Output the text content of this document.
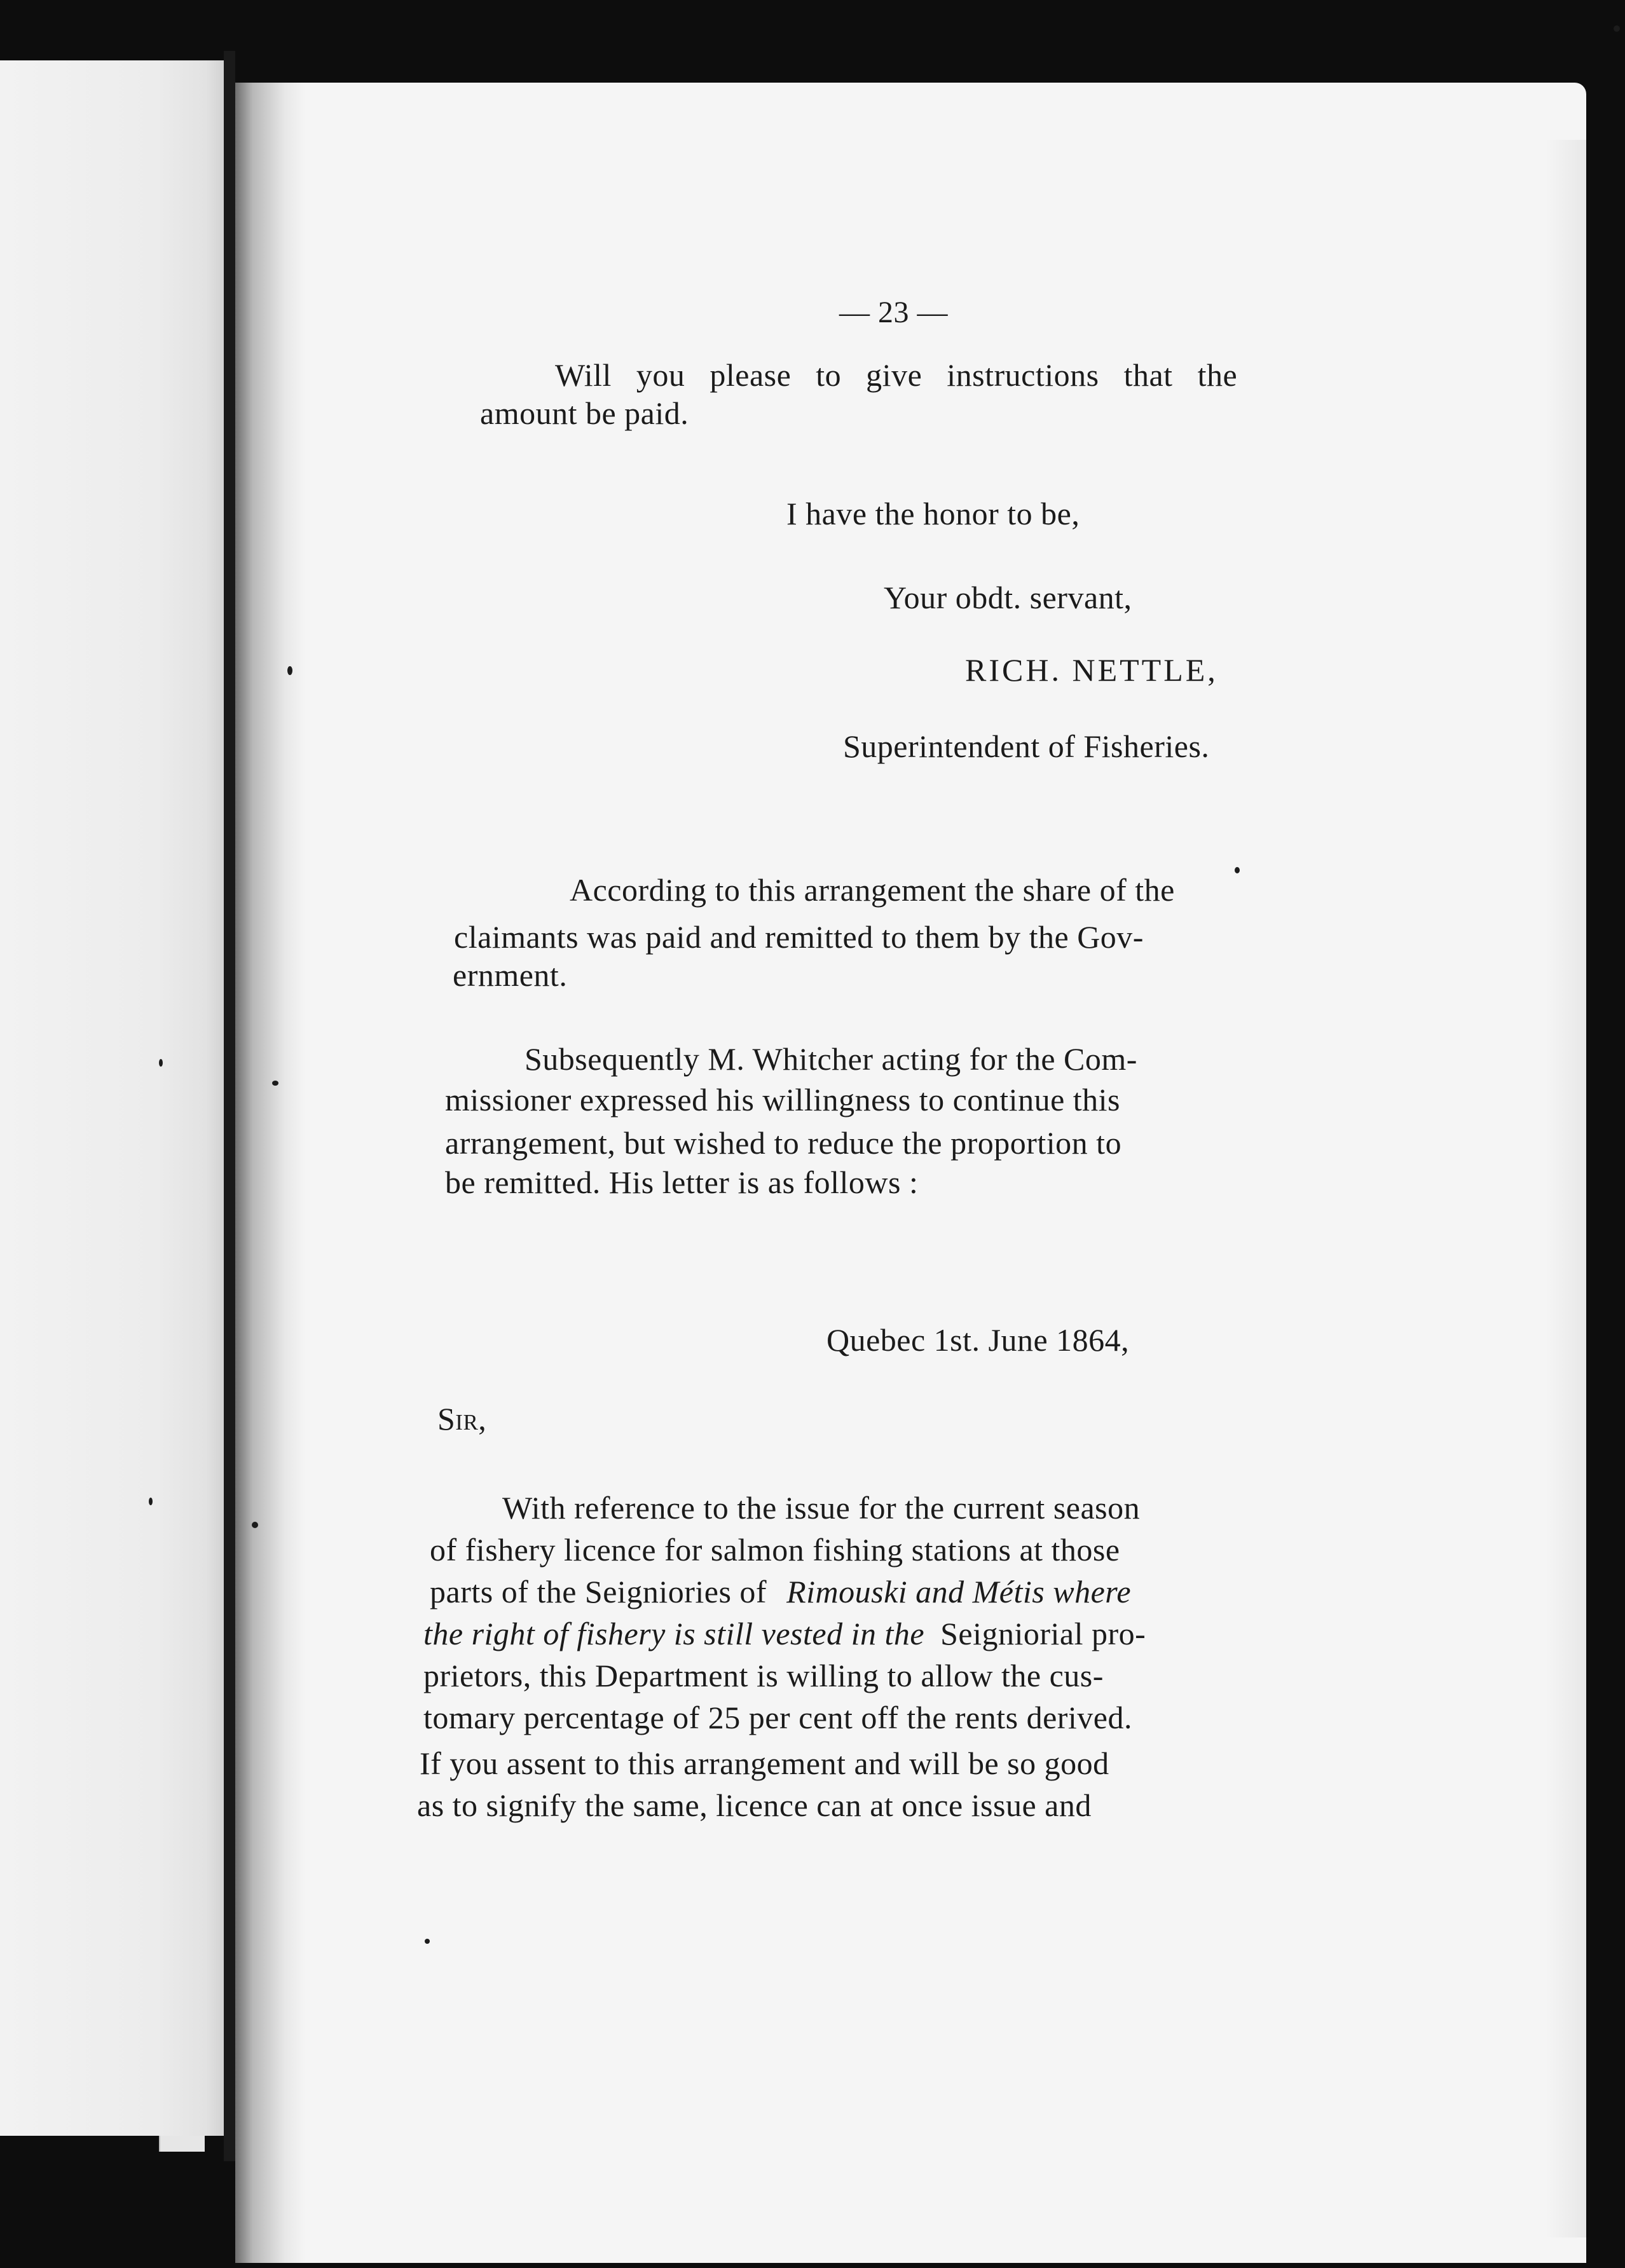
— 23 —
Will you please to give instructions that the
amount be paid.
I have the honor to be,
Your obdt. servant,
RICH. NETTLE,
Superintendent of Fisheries.
According to this arrangement the share of the
claimants was paid and remitted to them by the Gov-
ernment.
Subsequently M. Whitcher acting for the Com-
missioner expressed his willingness to continue this
arrangement, but wished to reduce the proportion to
be remitted. His letter is as follows :
Quebec 1st. June 1864,
Sir,
With reference to the issue for the current season
of fishery licence for salmon fishing stations at those
parts of the Seigniories of Rimouski and Métis where
the right of fishery is still vested in the Seigniorial pro-
prietors, this Department is willing to allow the cus-
tomary percentage of 25 per cent off the rents derived.
If you assent to this arrangement and will be so good
as to signify the same, licence can at once issue and
